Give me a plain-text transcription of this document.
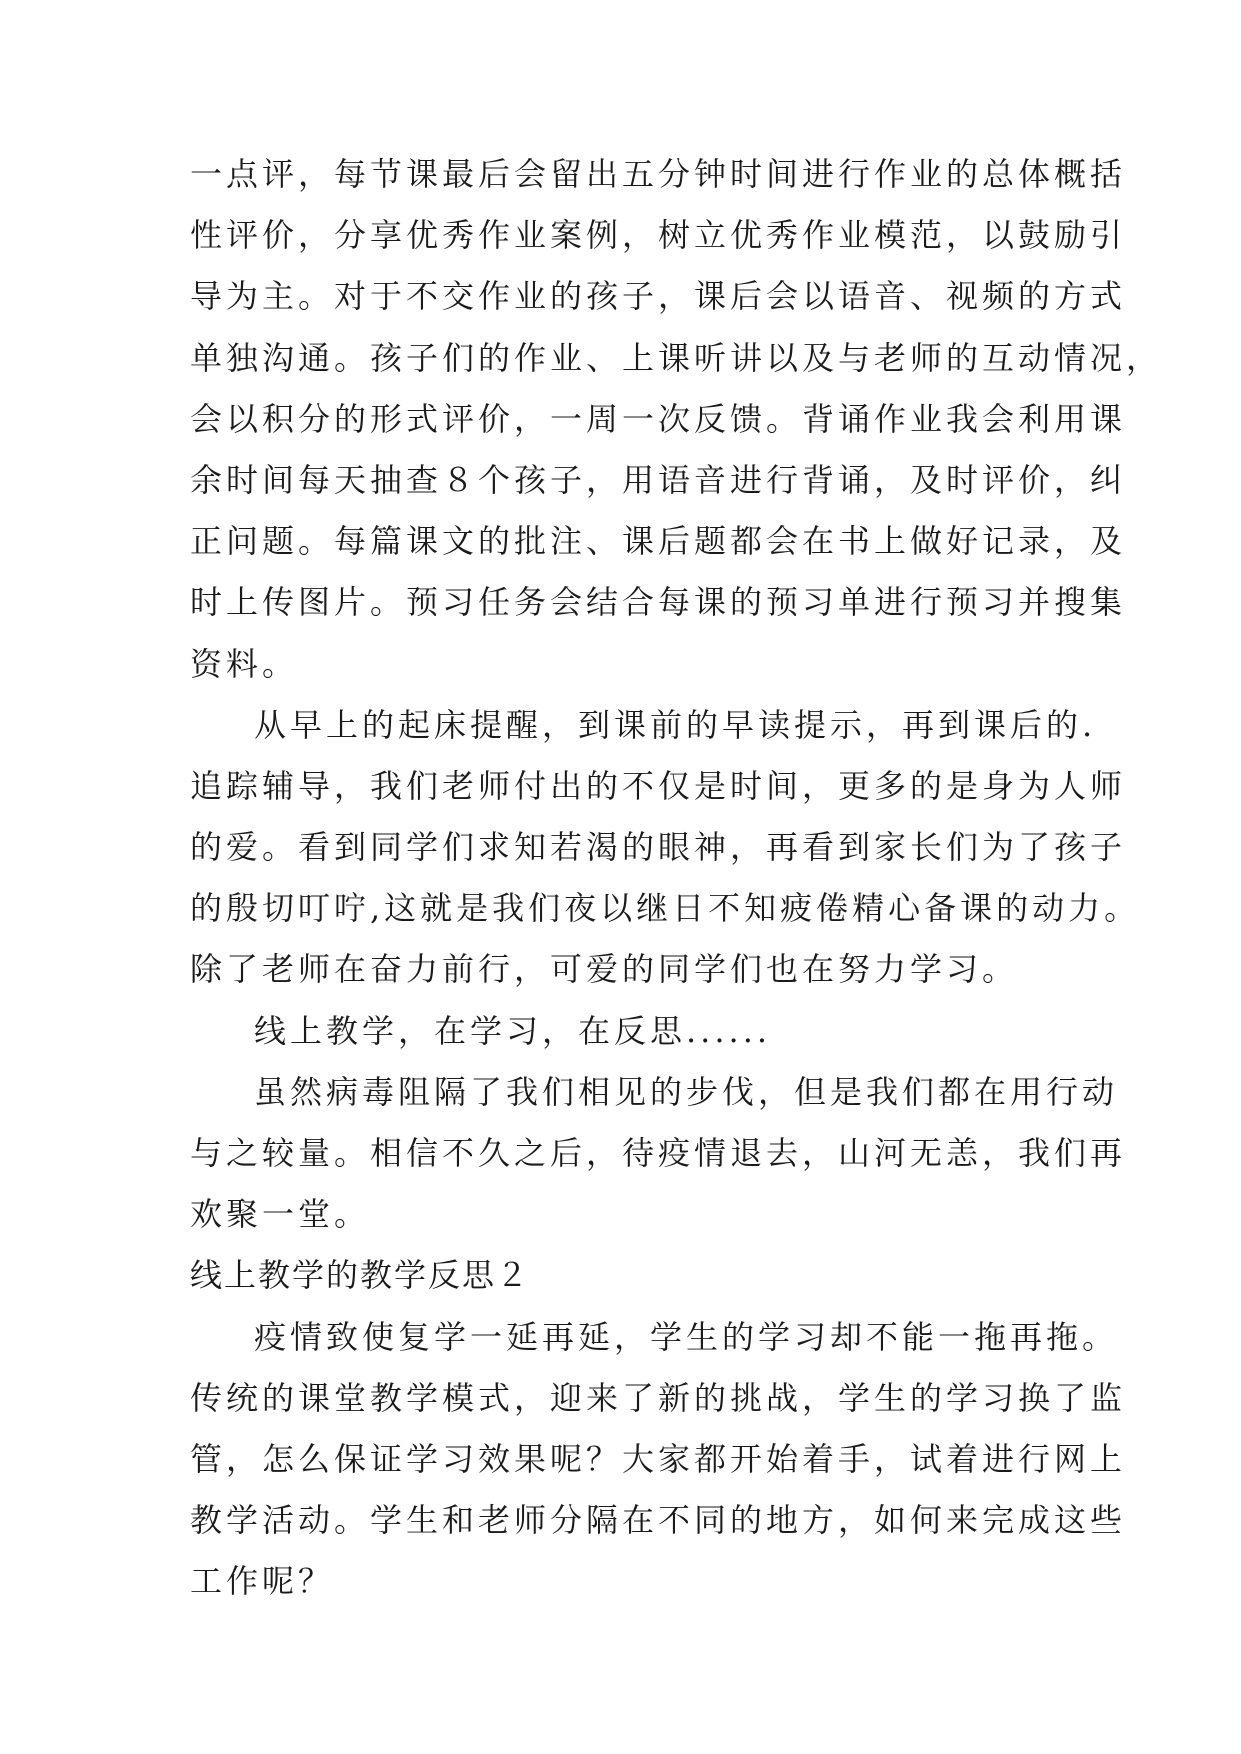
一点评，每节课最后会留出五分钟时间进行作业的总体概括
性评价，分享优秀作业案例，树立优秀作业模范，以鼓励引
导为主。对于不交作业的孩子，课后会以语音、视频的方式
单独沟通。孩子们的作业、上课听讲以及与老师的互动情况，
会以积分的形式评价，一周一次反馈。背诵作业我会利用课
余时间每天抽查８个孩子，用语音进行背诵，及时评价，纠
正问题。每篇课文的批注、课后题都会在书上做好记录，及
时上传图片。预习任务会结合每课的预习单进行预习并搜集
资料。
从早上的起床提醒，到课前的早读提示，再到课后的.
追踪辅导，我们老师付出的不仅是时间，更多的是身为人师
的爱。看到同学们求知若渴的眼神，再看到家长们为了孩子
的殷切叮咛,这就是我们夜以继日不知疲倦精心备课的动力。
除了老师在奋力前行，可爱的同学们也在努力学习。
线上教学，在学习，在反思......
虽然病毒阻隔了我们相见的步伐，但是我们都在用行动
与之较量。相信不久之后，待疫情退去，山河无恙，我们再
欢聚一堂。
线上教学的教学反思２
疫情致使复学一延再延，学生的学习却不能一拖再拖。
传统的课堂教学模式，迎来了新的挑战，学生的学习换了监
管，怎么保证学习效果呢？大家都开始着手，试着进行网上
教学活动。学生和老师分隔在不同的地方，如何来完成这些
工作呢？
